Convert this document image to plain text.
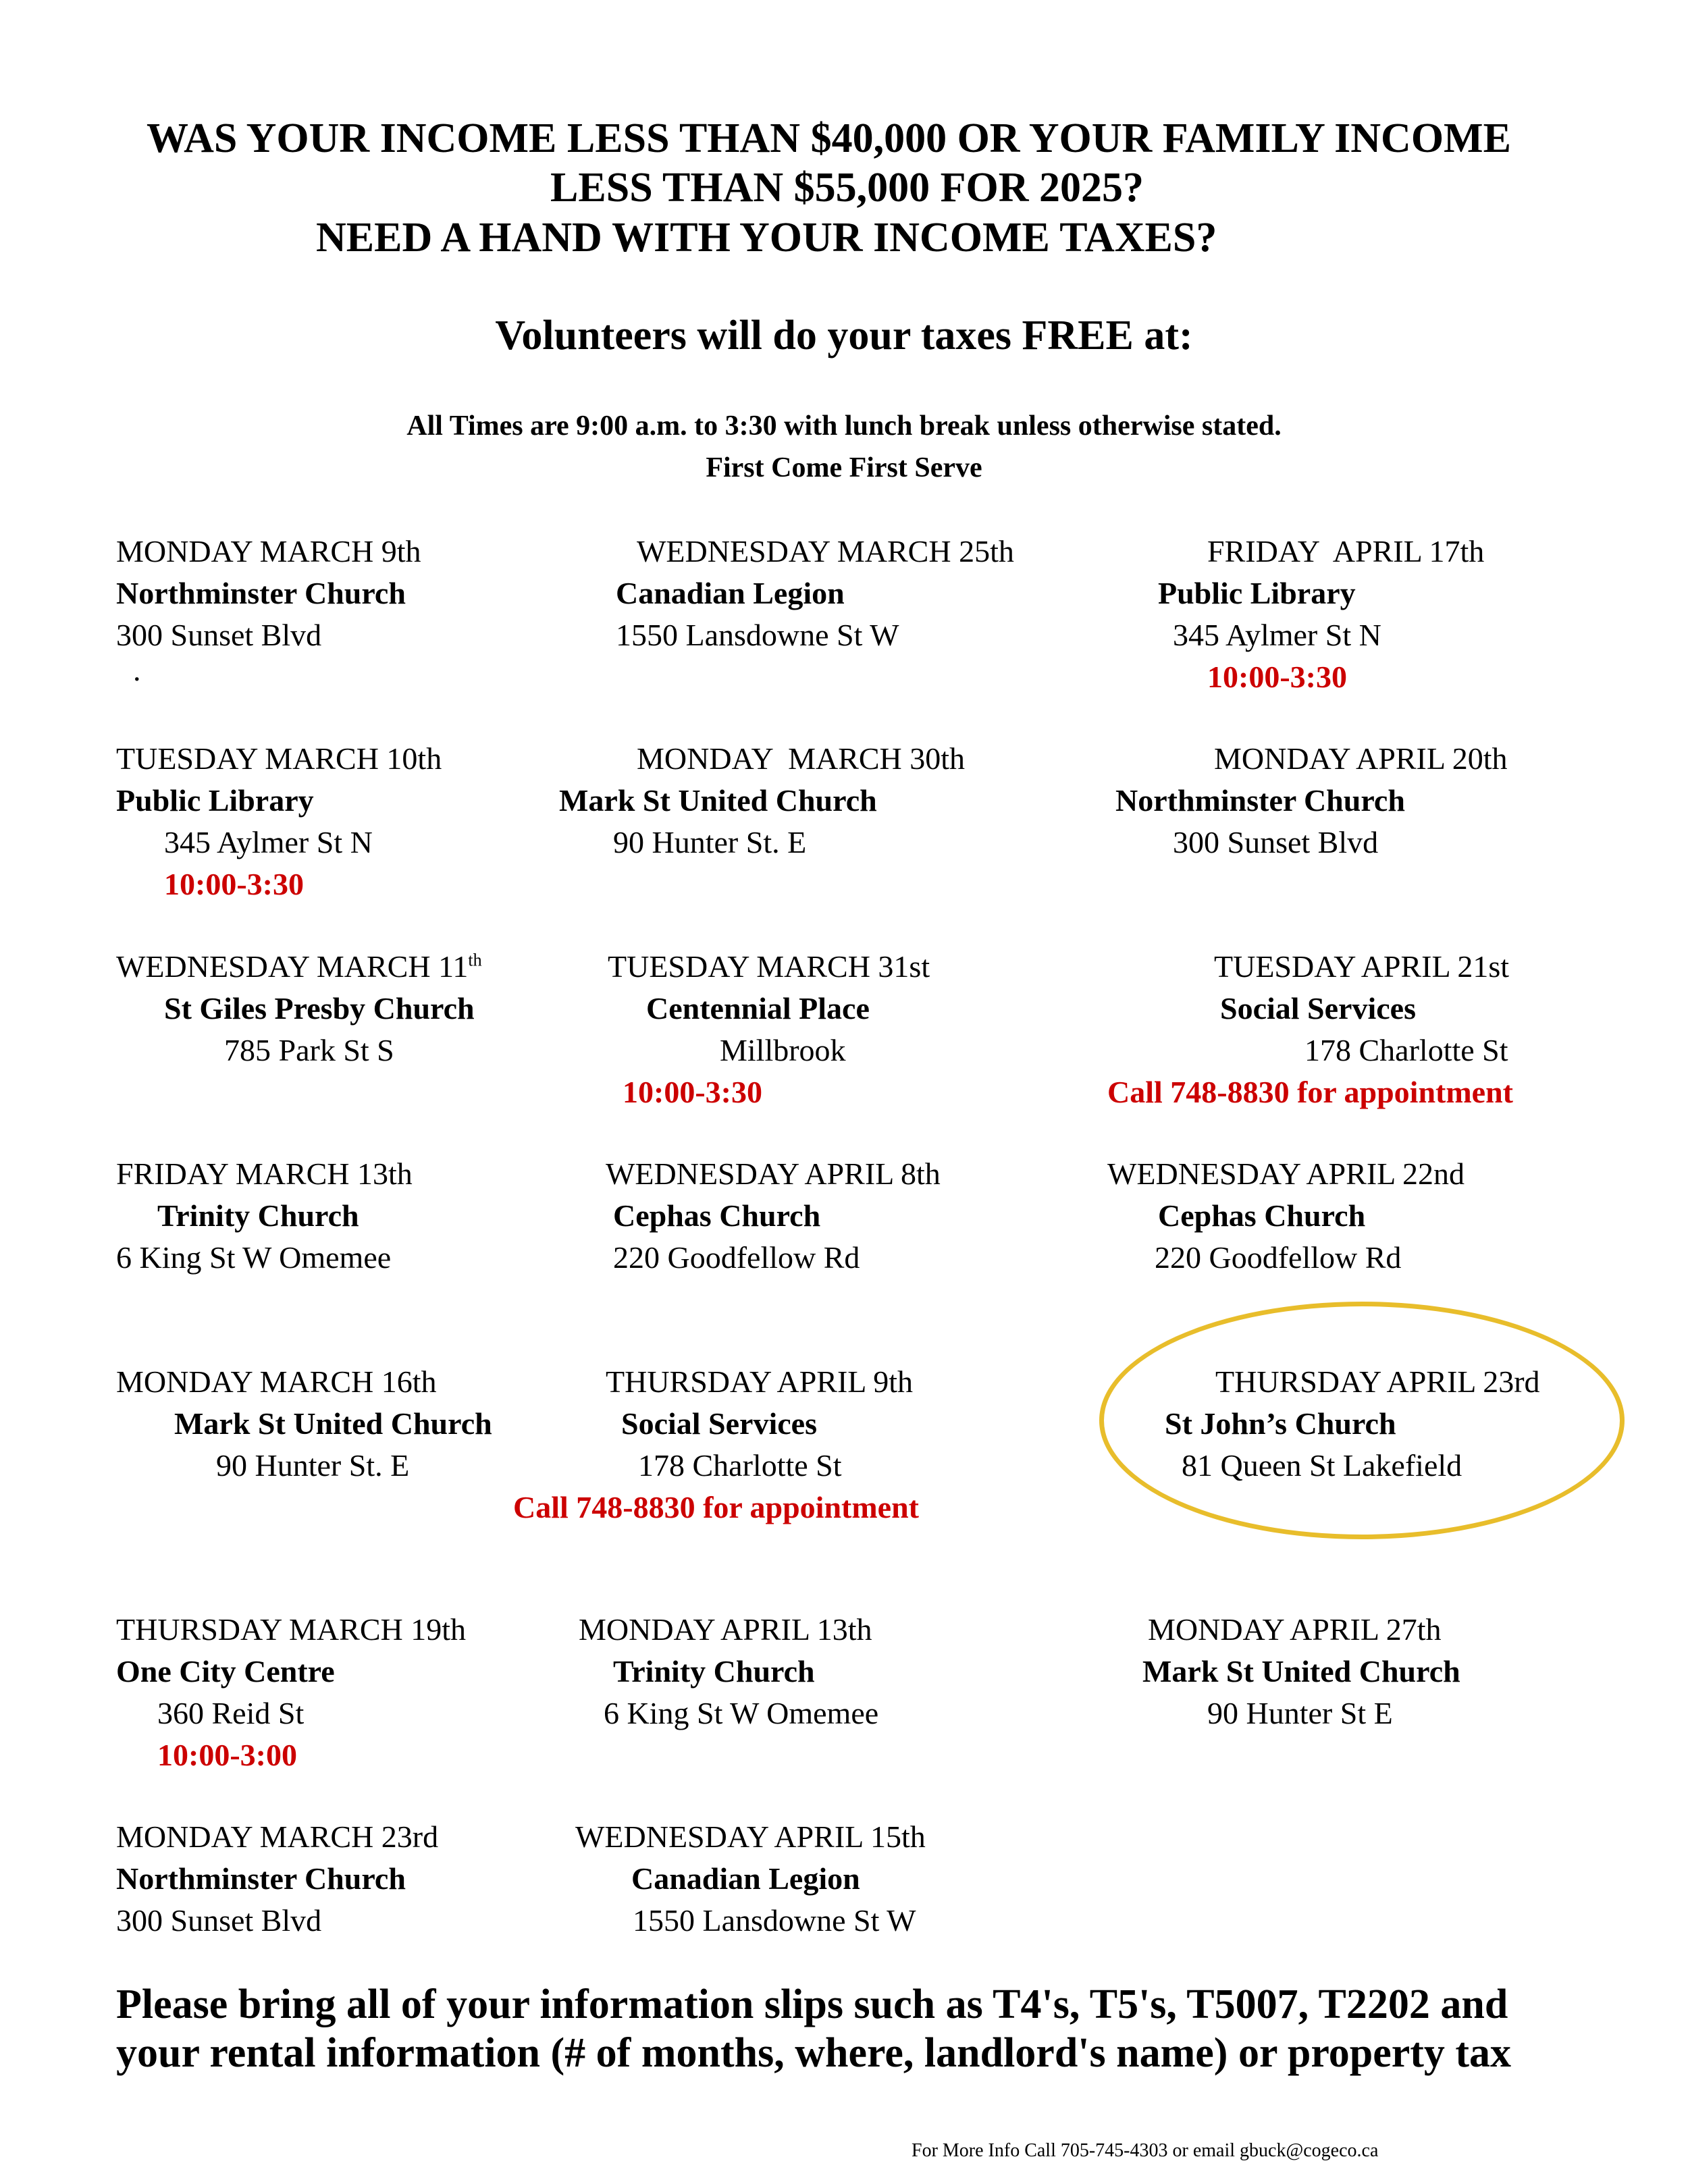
WAS YOUR INCOME LESS THAN $40,000 OR YOUR FAMILY INCOME
LESS THAN $55,000 FOR 2025?
NEED A HAND WITH YOUR INCOME TAXES?
Volunteers will do your taxes FREE at:
All Times are 9:00 a.m. to 3:30 with lunch break unless otherwise stated.
First Come First Serve
MONDAY MARCH 9th
Northminster Church
300 Sunset Blvd
.
TUESDAY MARCH 10th
Public Library
345 Aylmer St N
10:00-3:30
WEDNESDAY MARCH 11th
St Giles Presby Church
785 Park St S
FRIDAY MARCH 13th
Trinity Church
6 King St W Omemee
MONDAY MARCH 16th
Mark St United Church
90 Hunter St. E
THURSDAY MARCH 19th
One City Centre
360 Reid St
10:00-3:00
MONDAY MARCH 23rd
Northminster Church
300 Sunset Blvd
WEDNESDAY MARCH 25th
Canadian Legion
1550 Lansdowne St W
MONDAY  MARCH 30th
Mark St United Church
90 Hunter St. E
TUESDAY MARCH 31st
Centennial Place
Millbrook
10:00-3:30
WEDNESDAY APRIL 8th
Cephas Church
220 Goodfellow Rd
THURSDAY APRIL 9th
Social Services
178 Charlotte St
Call 748-8830 for appointment
MONDAY APRIL 13th
Trinity Church
6 King St W Omemee
WEDNESDAY APRIL 15th
Canadian Legion
1550 Lansdowne St W
FRIDAY  APRIL 17th
Public Library
345 Aylmer St N
10:00-3:30
MONDAY APRIL 20th
Northminster Church
300 Sunset Blvd
TUESDAY APRIL 21st
Social Services
178 Charlotte St
Call 748-8830 for appointment
WEDNESDAY APRIL 22nd
Cephas Church
220 Goodfellow Rd
THURSDAY APRIL 23rd
St John’s Church
81 Queen St Lakefield
MONDAY APRIL 27th
Mark St United Church
90 Hunter St E
Please bring all of your information slips such as T4's, T5's, T5007, T2202 and
your rental information (# of months, where, landlord's name) or property tax
For More Info Call 705-745-4303 or email gbuck@cogeco.ca
